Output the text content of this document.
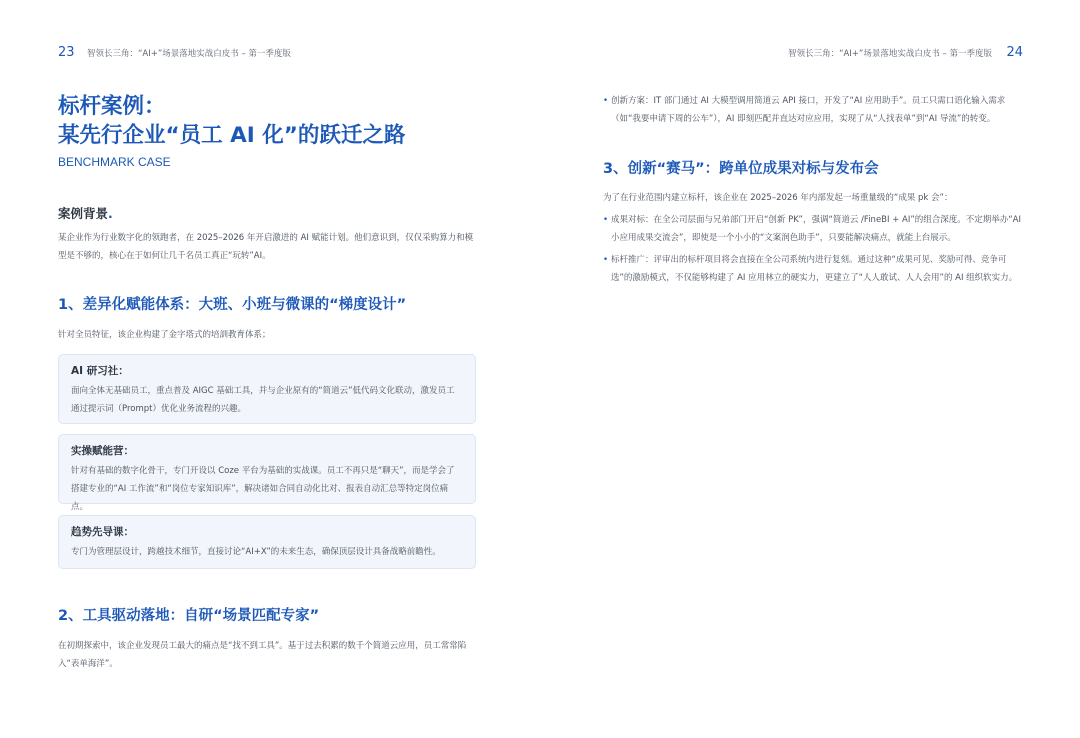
23 智领长三角：“AI+”场景落地实战白皮书 – 第一季度版
标杆案例：
某先行企业“员工 AI 化”的跃迁之路
BENCHMARK CASE
案例背景.
某企业作为行业数字化的领跑者，在 2025–2026 年开启激进的 AI 赋能计划。他们意识到，仅仅采购算力和模型是不够的，核心在于如何让几千名员工真正“玩转”AI。
1、差异化赋能体系：大班、小班与微课的“梯度设计”
针对全员特征，该企业构建了金字塔式的培訓教育体系；
AI 研习社：
面向全体无基础员工，重点普及 AIGC 基础工具，并与企业原有的“简道云”低代码文化联动，激发员工通过提示词（Prompt）优化业务流程的兴趣。
实操赋能营：
针对有基础的数字化骨干，专门开设以 Coze 平台为基础的实战课。员工不再只是“聊天”，而是学会了搭建专业的“AI 工作流”和“岗位专家知识库”，解决诸如合同自动化比对、报表自动汇总等特定岗位痛点。
趋势先导课：
专门为管理层设计，跨越技术细节，直接讨论“AI+X”的未来生态，确保顶层设计具备战略前瞻性。
2、工具驱动落地：自研“场景匹配专家”
在初期探索中，该企业发现员工最大的痛点是“找不到工具”。基于过去积累的数千个简道云应用，员工常常陷入“表单海洋”。
智领长三角：“AI+”场景落地实战白皮书 – 第一季度版 24
• 创新方案：IT 部门通过 AI 大模型调用简道云 API 接口，开发了“AI 应用助手”。员工只需口语化输入需求（如“我要申请下周的公车”），AI 即刻匹配并直达对应应用，实现了从“人找表单”到“AI 导流”的转变。
3、创新“赛马”：跨单位成果对标与发布会
为了在行业范围内建立标杆，该企业在 2025–2026 年内部发起一场重量级的“成果 pk 会”：
• 成果对标：在全公司层面与兄弟部门开启“创新 PK”，强调“简道云 /FineBI + AI”的组合深度。不定期举办“AI 小应用成果交流会”，即使是一个小小的“文案润色助手”，只要能解决痛点，就能上台展示。
• 标杆推广：评审出的标杆项目将会直接在全公司系统内进行复刻。通过这种“成果可见、奖励可得、竞争可选”的激励模式，不仅能够构建了 AI 应用林立的硬实力，更建立了“人人敢试、人人会用”的 AI 组织软实力。
